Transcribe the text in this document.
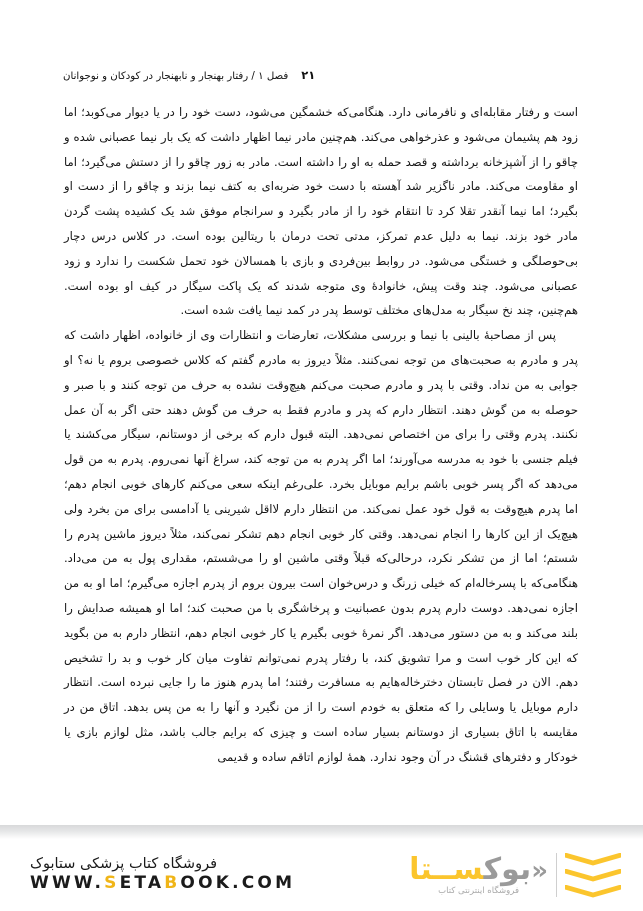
۲۱
فصل ۱ / رفتار بهنجار و نابهنجار در کودکان و نوجوانان

است و رفتار مقابله‌ای و نافرمانی دارد. هنگامی‌که خشمگین می‌شود، دست خود را در یا دیوار می‌کوبد؛ اما زود هم پشیمان می‌شود و عذرخواهی می‌کند. هم‌چنین مادر نیما اظهار داشت که یک بار نیما عصبانی شده و چاقو را از آشپزخانه برداشته و قصد حمله به او را داشته است. مادر به زور چاقو را از دستش می‌گیرد؛ اما او مقاومت می‌کند. مادر ناگزیر شد آهسته با دست خود ضربه‌ای به کتف نیما بزند و چاقو را از دست او بگیرد؛ اما نیما آنقدر تقلا کرد تا انتقام خود را از مادر بگیرد و سرانجام موفق شد یک کشیده پشت گردن مادر خود بزند. نیما به دلیل عدم تمرکز، مدتی تحت درمان با ریتالین بوده است. در کلاس درس دچار بی‌حوصلگی و خستگی می‌شود. در روابط بین‌فردی و بازی با همسالان خود تحمل شکست را ندارد و زود عصبانی می‌شود. چند وقت پیش، خانوادهٔ وی متوجه شدند که یک پاکت سیگار در کیف او بوده است. هم‌چنین، چند نخ سیگار به مدل‌های مختلف توسط پدر در کمد نیما یافت شده است.

پس از مصاحبهٔ بالینی با نیما و بررسی مشکلات، تعارضات و انتظارات وی از خانواده، اظهار داشت که پدر و مادرم به صحبت‌های من توجه نمی‌کنند. مثلاً دیروز به مادرم گفتم که کلاس خصوصی بروم یا نه؟ او جوابی به من نداد. وقتی با پدر و مادرم صحبت می‌کنم هیچ‌وقت نشده به حرف من توجه کنند و با صبر و حوصله به من گوش دهند. انتظار دارم که پدر و مادرم فقط به حرف من گوش دهند حتی اگر به آن عمل نکنند. پدرم وقتی را برای من اختصاص نمی‌دهد. البته قبول دارم که برخی از دوستانم، سیگار می‌کشند یا فیلم جنسی با خود به مدرسه می‌آورند؛ اما اگر پدرم به من توجه کند، سراغ آنها نمی‌روم. پدرم به من قول می‌دهد که اگر پسر خوبی باشم برایم موبایل بخرد. علی‌رغم اینکه سعی می‌کنم کارهای خوبی انجام دهم؛ اما پدرم هیچ‌وقت به قول خود عمل نمی‌کند. من انتظار دارم لااقل شیرینی یا آدامسی برای من بخرد ولی هیچ‌یک از این کارها را انجام نمی‌دهد. وقتی کار خوبی انجام دهم تشکر نمی‌کند، مثلاً دیروز ماشین پدرم را شستم؛ اما از من تشکر نکرد، درحالی‌که قبلاً وقتی ماشین او را می‌شستم، مقداری پول به من می‌داد. هنگامی‌که با پسرخاله‌ام که خیلی زرنگ و درس‌خوان است بیرون بروم از پدرم اجازه می‌گیرم؛ اما او به من اجازه نمی‌دهد. دوست دارم پدرم بدون عصبانیت و پرخاشگری با من صحبت کند؛ اما او همیشه صدایش را بلند می‌کند و به من دستور می‌دهد. اگر نمرهٔ خوبی بگیرم یا کار خوبی انجام دهم، انتظار دارم به من بگوید که این کار خوب است و مرا تشویق کند، با رفتار پدرم نمی‌توانم تفاوت میان کار خوب و بد را تشخیص دهم. الان در فصل تابستان دخترخاله‌هایم به مسافرت رفتند؛ اما پدرم هنوز ما را جایی نبرده است. انتظار دارم موبایل یا وسایلی را که متعلق به خودم است را از من نگیرد و آنها را به من پس بدهد. اتاق من در مقایسه با اتاق بسیاری از دوستانم بسیار ساده است و چیزی که برایم جالب باشد، مثل لوازم بازی یا خودکار و دفترهای قشنگ در آن وجود ندارد. همهٔ لوازم اتاقم ساده و قدیمی

فروشگاه کتاب پزشکی ستابوک
WWW.SETABOOK.COM	«بوکســتا
فروشگاه اینترنتی کتاب
